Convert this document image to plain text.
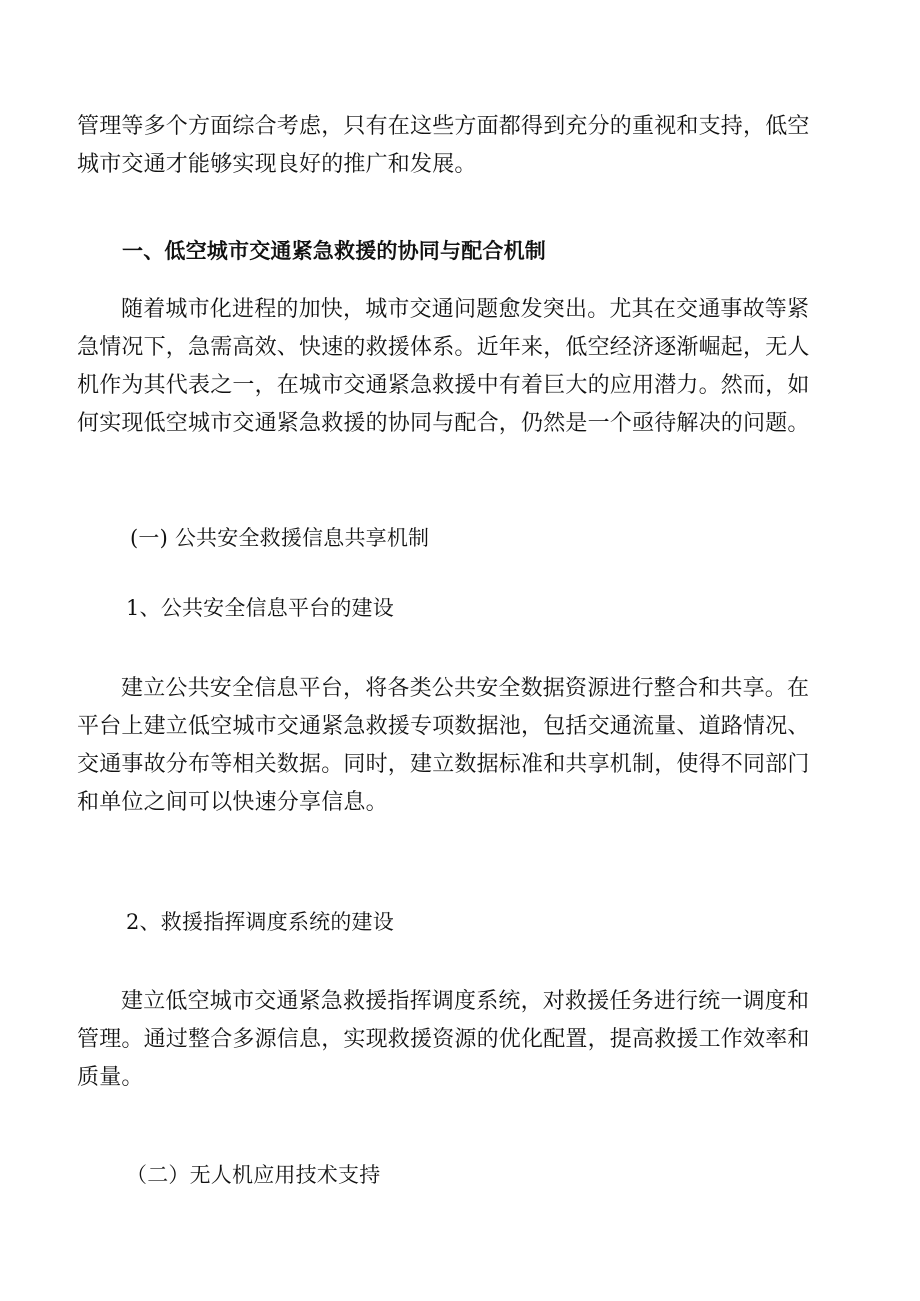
管理等多个方面综合考虑，只有在这些方面都得到充分的重视和支持，低空
城市交通才能够实现良好的推广和发展。

一、低空城市交通紧急救援的协同与配合机制

随着城市化进程的加快，城市交通问题愈发突出。尤其在交通事故等紧
急情况下，急需高效、快速的救援体系。近年来，低空经济逐渐崛起，无人
机作为其代表之一，在城市交通紧急救援中有着巨大的应用潜力。然而，如
何实现低空城市交通紧急救援的协同与配合，仍然是一个亟待解决的问题。

(一) 公共安全救援信息共享机制

1、公共安全信息平台的建设

建立公共安全信息平台，将各类公共安全数据资源进行整合和共享。在
平台上建立低空城市交通紧急救援专项数据池，包括交通流量、道路情况、
交通事故分布等相关数据。同时，建立数据标准和共享机制，使得不同部门
和单位之间可以快速分享信息。

2、救援指挥调度系统的建设

建立低空城市交通紧急救援指挥调度系统，对救援任务进行统一调度和
管理。通过整合多源信息，实现救援资源的优化配置，提高救援工作效率和
质量。

（二）无人机应用技术支持
